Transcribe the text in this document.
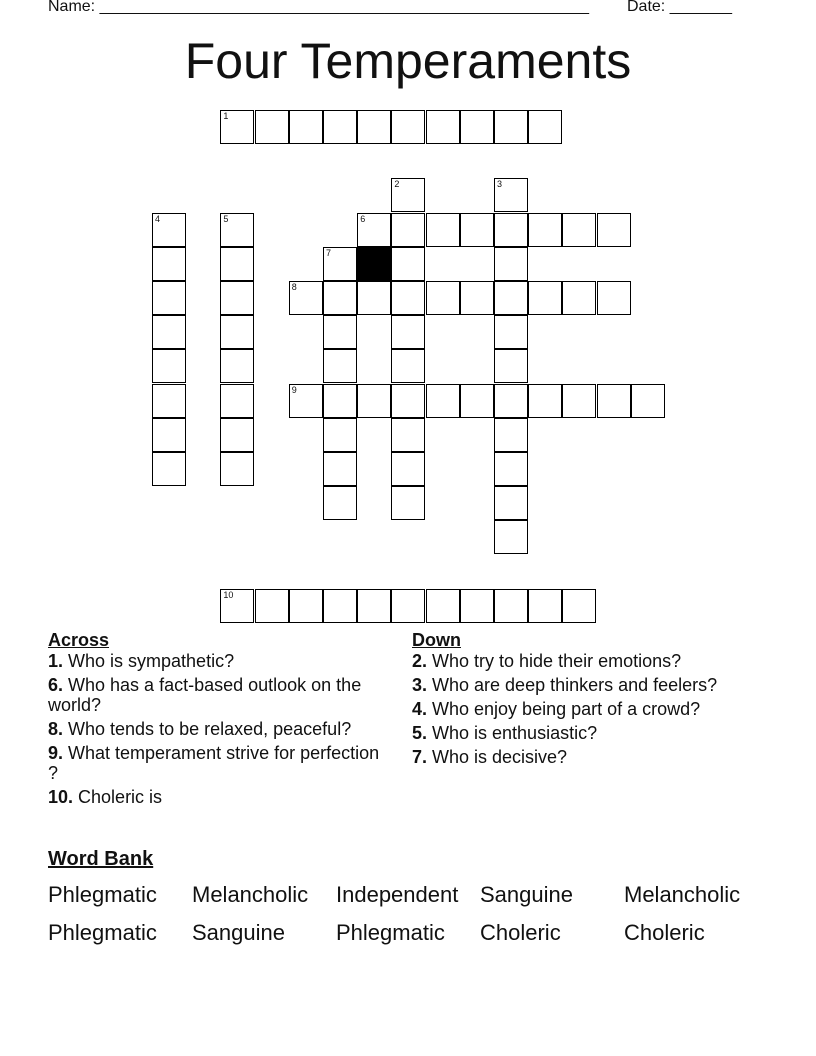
Name: _______________________________________________________ Date: _______
Four Temperaments
1
2	3
4	5	6
7
8
9
10
Across
1. Who is sympathetic?
6. Who has a fact-based outlook on the world?
8. Who tends to be relaxed, peaceful?
9. What temperament strive for perfection ?
10. Choleric is
Down
2. Who try to hide their emotions?
3. Who are deep thinkers and feelers?
4. Who enjoy being part of a crowd?
5. Who is enthusiastic?
7. Who is decisive?
Word Bank
Phlegmatic Melancholic Independent Sanguine Melancholic
Phlegmatic Sanguine Phlegmatic Choleric	Choleric
